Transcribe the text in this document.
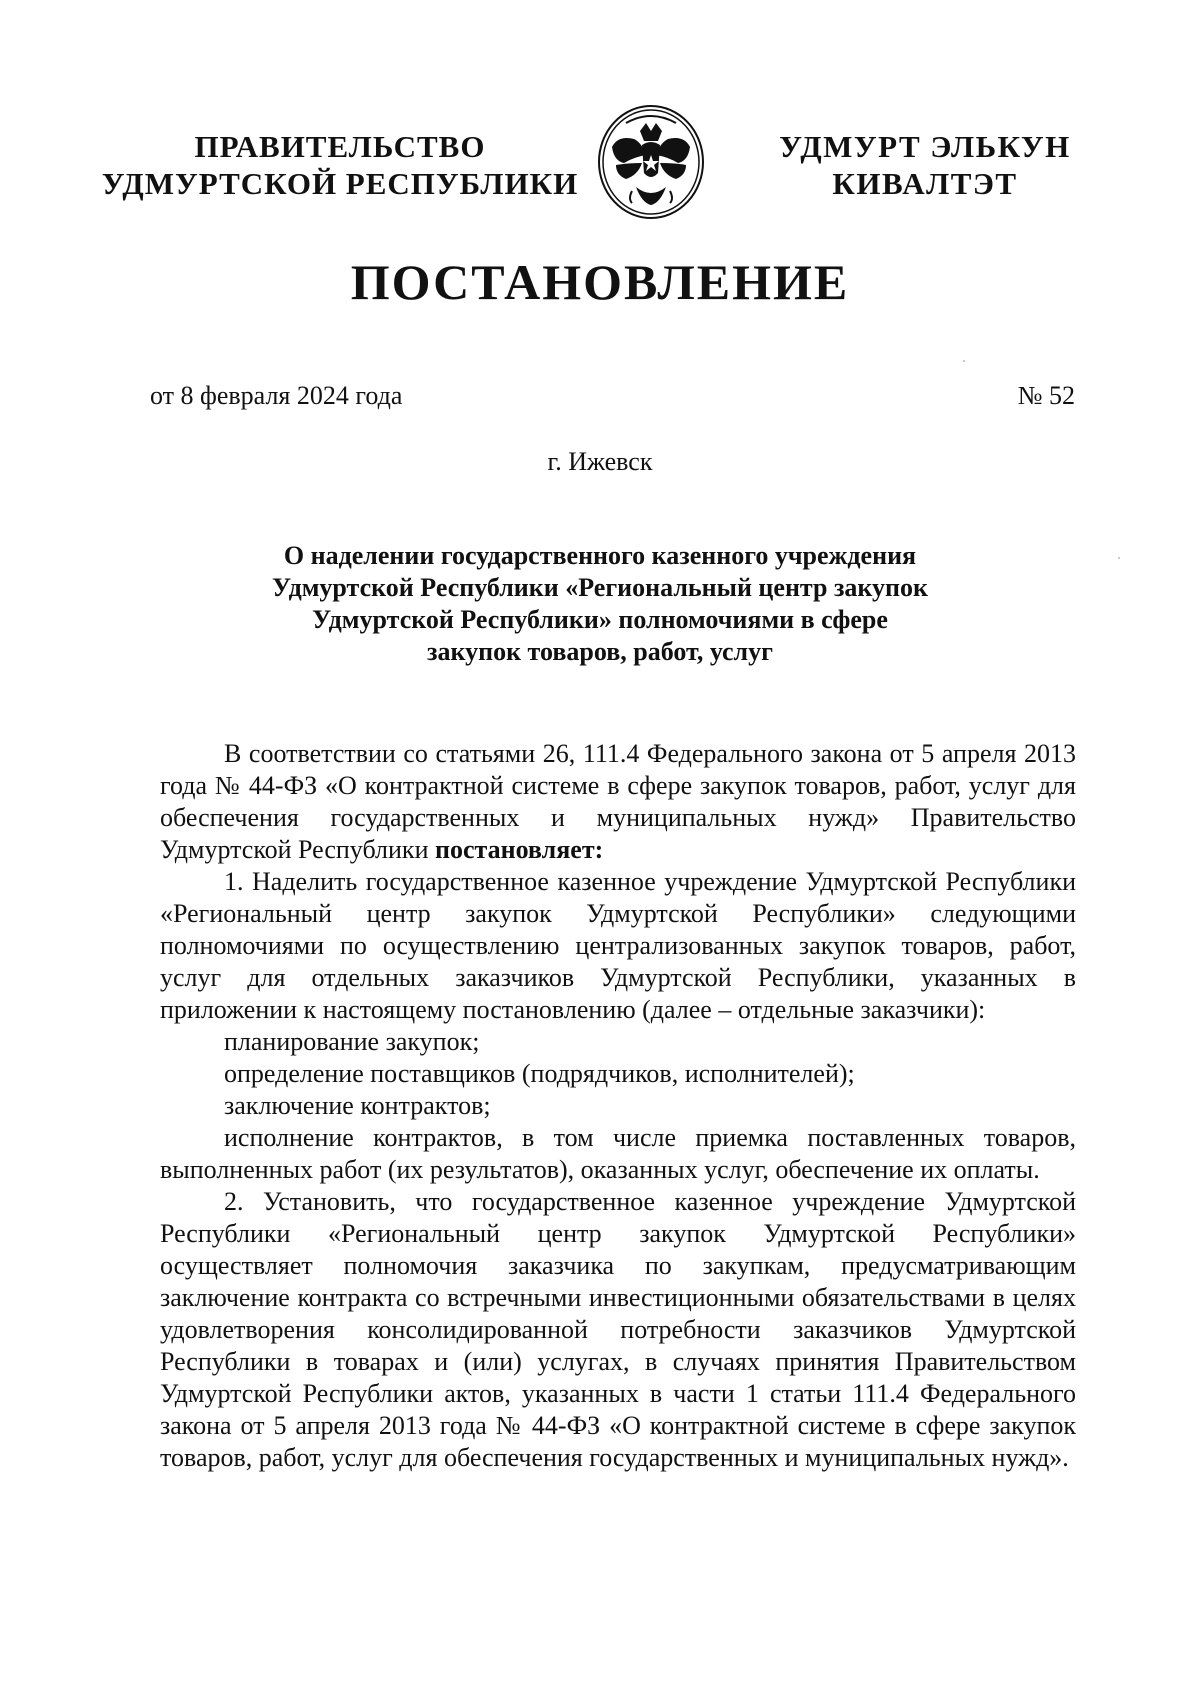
ПРАВИТЕЛЬСТВО
УДМУРТСКОЙ РЕСПУБЛИКИ
УДМУРТ ЭЛЬКУН
КИВАЛТЭТ
ПОСТАНОВЛЕНИЕ
от 8 февраля 2024 года	№ 52
г. Ижевск
О наделении государственного казенного учреждения
Удмуртской Республики «Региональный центр закупок
Удмуртской Республики» полномочиями в сфере
закупок товаров, работ, услуг

В соответствии со статьями 26, 111.4 Федерального закона от 5 апреля 2013 года № 44-ФЗ «О контрактной системе в сфере закупок товаров, работ, услуг для обеспечения государственных и муниципальных нужд» Правительство Удмуртской Республики постановляет:

1. Наделить государственное казенное учреждение Удмуртской Республики «Региональный центр закупок Удмуртской Республики» следующими полномочиями по осуществлению централизованных закупок товаров, работ, услуг для отдельных заказчиков Удмуртской Республики, указанных в приложении к настоящему постановлению (далее – отдельные заказчики):

планирование закупок;

определение поставщиков (подрядчиков, исполнителей);

заключение контрактов;

исполнение контрактов, в том числе приемка поставленных товаров, выполненных работ (их результатов), оказанных услуг, обеспечение их оплаты.

2. Установить, что государственное казенное учреждение Удмуртской Республики «Региональный центр закупок Удмуртской Республики» осуществляет полномочия заказчика по закупкам, предусматривающим заключение контракта со встречными инвестиционными обязательствами в целях удовлетворения консолидированной потребности заказчиков Удмуртской Республики в товарах и (или) услугах, в случаях принятия Правительством Удмуртской Республики актов, указанных в части 1 статьи 111.4 Федерального закона от 5 апреля 2013 года № 44-ФЗ «О контрактной системе в сфере закупок товаров, работ, услуг для обеспечения государственных и муниципальных нужд».
